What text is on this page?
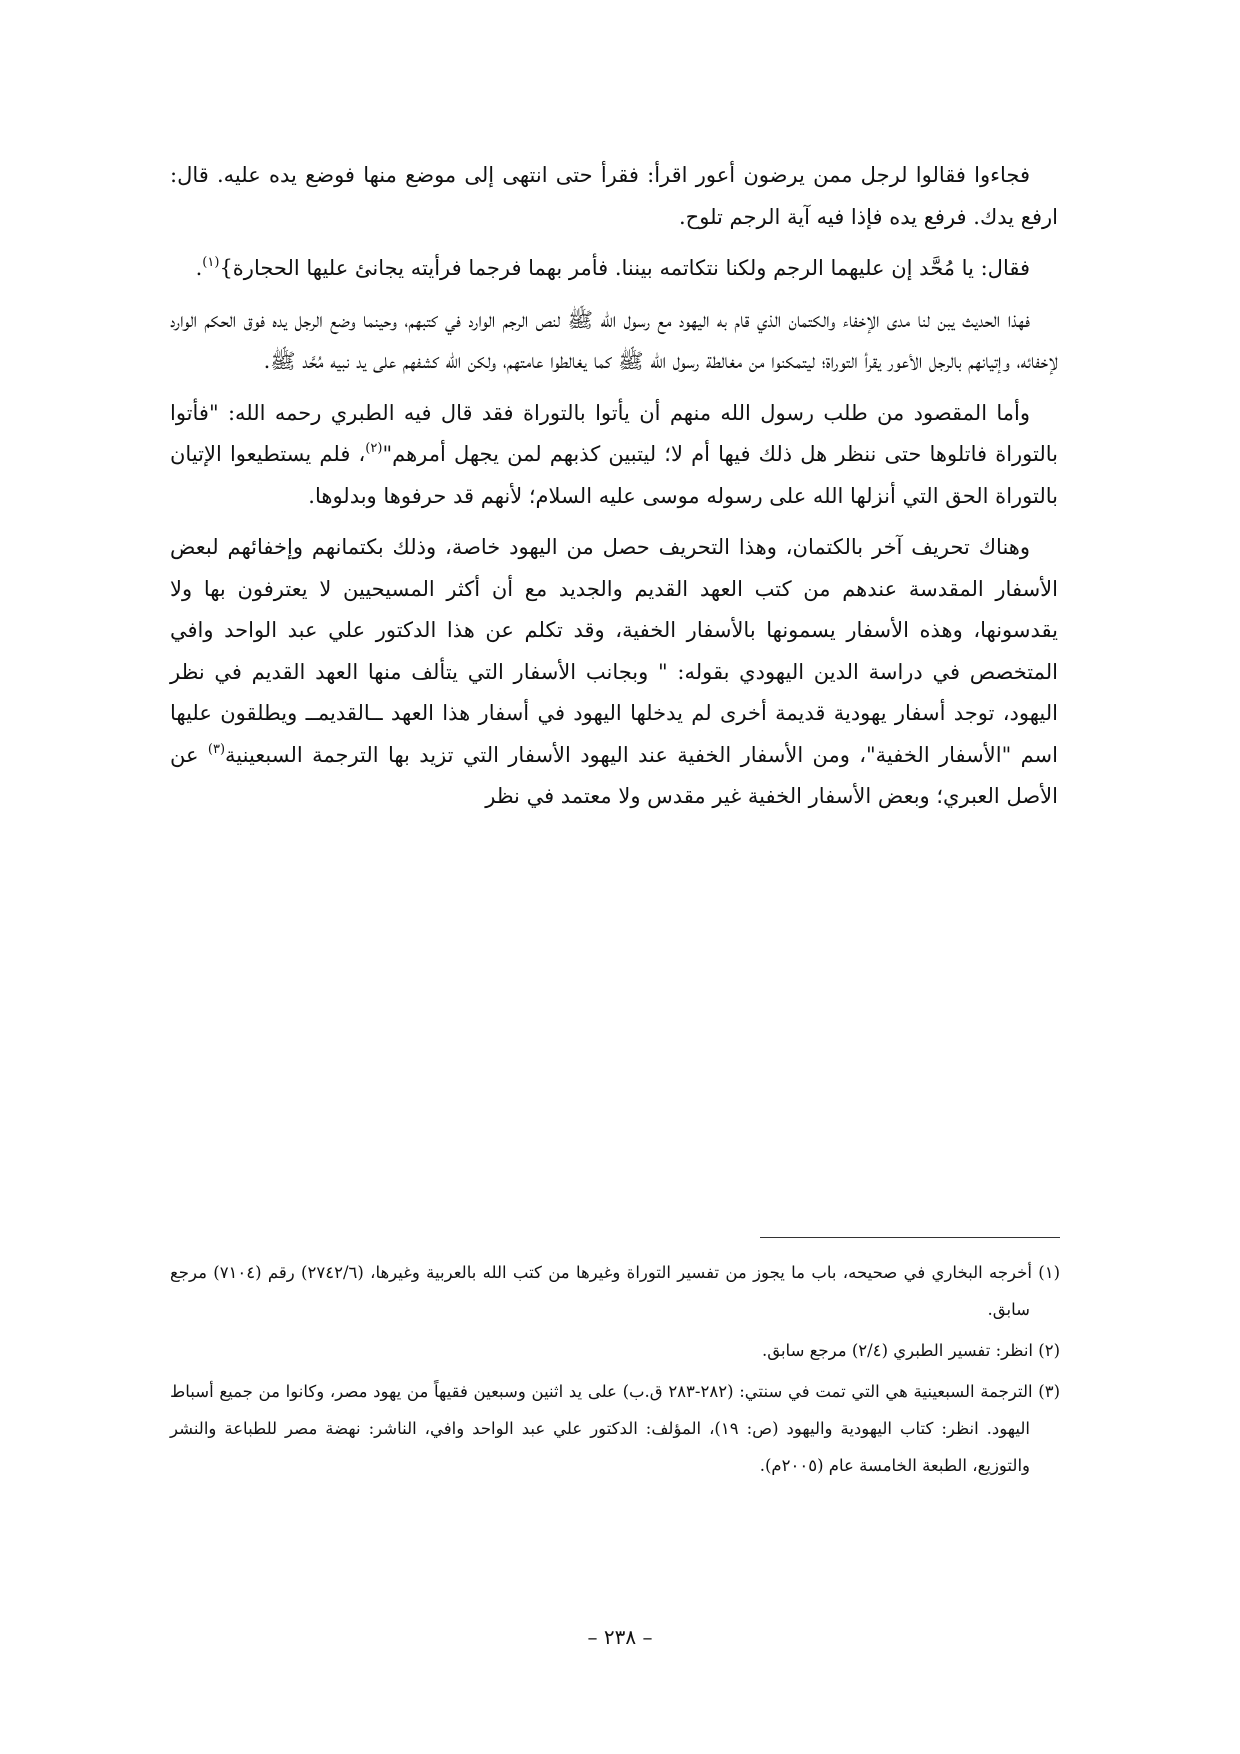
فجاءوا فقالوا لرجل ممن يرضون أعور اقرأ: فقرأ حتى انتهى إلى موضع منها فوضع يده عليه. قال: ارفع يدك. فرفع يده فإذا فيه آية الرجم تلوح.

فقال: يا مُحَّد إن عليهما الرجم ولكنا نتكاتمه بيننا. فأمر بهما فرجما فرأيته يجانئ عليها الحجارة}$^{(١)}$.

فهذا الحديث يبن لنا مدى الإخفاء والكتمان الذي قام به اليهود مع رسول الله ﷺ لنص الرجم الوارد في كتبهم، وحينما وضع الرجل يده فوق الحكم الوارد لإخفائه، وإتيانهم بالرجل الأعور يقرأ التوراة؛ ليتمكنوا من مغالطة رسول الله ﷺ كما يغالطوا عامتهم، ولكن الله كشفهم على يد نبيه مُحَّد ﷺ.

وأما المقصود من طلب رسول الله منهم أن يأتوا بالتوراة فقد قال فيه الطبري رحمه الله: "فأتوا بالتوراة فاتلوها حتى ننظر هل ذلك فيها أم لا؛ ليتبين كذبهم لمن يجهل أمرهم"$^{(٢)}$، فلم يستطيعوا الإتيان بالتوراة الحق التي أنزلها الله على رسوله موسى عليه السلام؛ لأنهم قد حرفوها وبدلوها.

وهناك تحريف آخر بالكتمان، وهذا التحريف حصل من اليهود خاصة، وذلك بكتمانهم وإخفائهم لبعض الأسفار المقدسة عندهم من كتب العهد القديم والجديد مع أن أكثر المسيحيين لا يعترفون بها ولا يقدسونها، وهذه الأسفار يسمونها بالأسفار الخفية، وقد تكلم عن هذا الدكتور علي عبد الواحد وافي المتخصص في دراسة الدين اليهودي بقوله: " وبجانب الأسفار التي يتألف منها العهد القديم في نظر اليهود، توجد أسفار يهودية قديمة أخرى لم يدخلها اليهود في أسفار هذا العهد ــالقديمــ ويطلقون عليها اسم "الأسفار الخفية"، ومن الأسفار الخفية عند اليهود الأسفار التي تزيد بها الترجمة السبعينية$^{(٣)}$ عن الأصل العبري؛ وبعض الأسفار الخفية غير مقدس ولا معتمد في نظر

(١) أخرجه البخاري في صحيحه، باب ما يجوز من تفسير التوراة وغيرها من كتب الله بالعربية وغيرها، (٢٧٤٢/٦) رقم (٧١٠٤) مرجع سابق.

(٢) انظر: تفسير الطبري (٢/٤) مرجع سابق.

(٣) الترجمة السبعينية هي التي تمت في سنتي: (٢٨٢-٢٨٣ ق.ب) على يد اثنين وسبعين فقيهاً من يهود مصر، وكانوا من جميع أسباط اليهود. انظر: كتاب اليهودية واليهود (ص: ١٩)، المؤلف: الدكتور علي عبد الواحد وافي، الناشر: نهضة مصر للطباعة والنشر والتوزيع، الطبعة الخامسة عام (٢٠٠٥م).

– ٢٣٨ –
